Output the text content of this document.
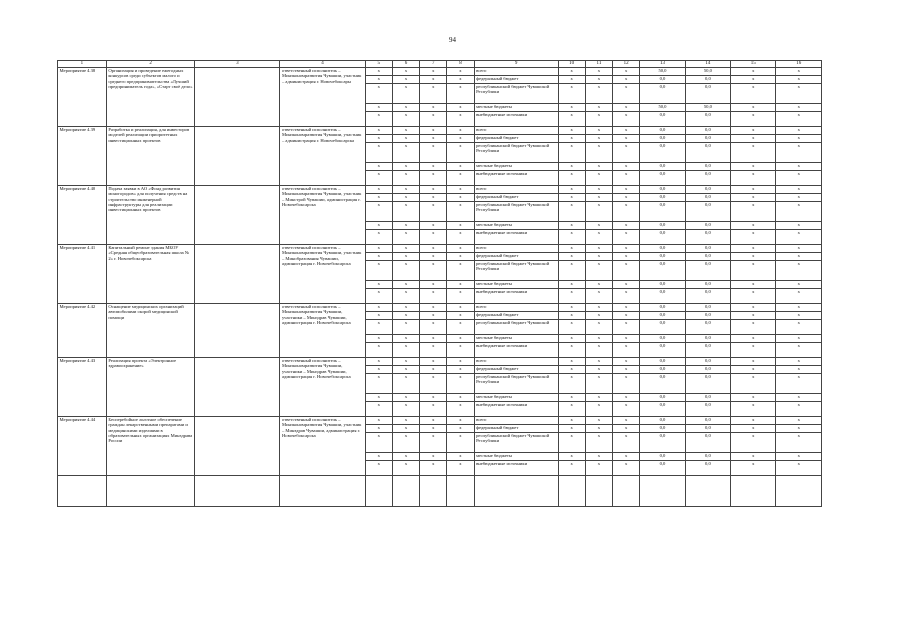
94
1	2	3	4	5	6	7	8	9	10	11	12	13	14	15	16
Мероприятие 4.38	Организация и проведение ежегодных конкурсов среди субъектов малого и среднего предпринимательства «Лучший предприниматель года», «Старт своё дело»		ответственный исполнитель – Минэкономразвития Чувашии, участник – администрация г. Новочебоксары	x	x	x	x	всего	x	x	x	50,0	50,0	x	x
				x	x	x	x	федеральный бюджет	x	x	x	0,0	0,0	x	x
				x	x	x	x	республиканский бюджет Чувашской Республики	x	x	x	0,0	0,0	x	x
				x	x	x	x	местные бюджеты	x	x	x	50,0	50,0	x	x
				x	x	x	x	внебюджетные источники	x	x	x	0,0	0,0	x	x
Мероприятие 4.39	Разработка и реализация, для инвесторов моделей реализации приоритетных инвестиционных проектов		ответственный исполнитель – Минэкономразвития Чувашии, участник – администрация г. Новочебоксарска	x	x	x	x	всего	x	x	x	0,0	0,0	x	x
				x	x	x	x	федеральный бюджет	x	x	x	0,0	0,0	x	x
				x	x	x	x	республиканский бюджет Чувашской Республики	x	x	x	0,0	0,0	x	x
				x	x	x	x	местные бюджеты	x	x	x	0,0	0,0	x	x
				x	x	x	x	внебюджетные источники	x	x	x	0,0	0,0	x	x
Мероприятие 4.40	Подача заявки в АО «Фонд развития моногородов» для получения средств на строительство инженерной инфраструктуры для реализации инвестиционных проектов		ответственный исполнитель – Минэкономразвития Чувашии, участник – Минстрой Чувашии, администрация г. Новочебоксарска	x	x	x	x	всего	x	x	x	0,0	0,0	x	x
				x	x	x	x	федеральный бюджет	x	x	x	0,0	0,0	x	x
				x	x	x	x	республиканский бюджет Чувашской Республики	x	x	x	0,0	0,0	x	x
				x	x	x	x	местные бюджеты	x	x	x	0,0	0,0	x	x
				x	x	x	x	внебюджетные источники	x	x	x	0,0	0,0	x	x
Мероприятие 4.41	Капитальный ремонт здания МБОУ «Средняя общеобразовательная школа № 2» г. Новочебоксарска		ответственный исполнитель – Минэкономразвития Чувашии, участник – Минобразования Чувашии, администрация г. Новочебоксарска	x	x	x	x	всего	x	x	x	0,0	0,0	x	x
				x	x	x	x	федеральный бюджет	x	x	x	0,0	0,0	x	x
				x	x	x	x	республиканский бюджет Чувашской Республики	x	x	x	0,0	0,0	x	x
				x	x	x	x	местные бюджеты	x	x	x	0,0	0,0	x	x
				x	x	x	x	внебюджетные источники	x	x	x	0,0	0,0	x	x
Мероприятие 4.42	Оснащение медицинских организаций автомобилями скорой медицинской помощи		ответственный исполнитель – Минэкономразвития Чувашии, участники – Минздрав Чувашии, администрация г. Новочебоксарска	x	x	x	x	всего	x	x	x	0,0	0,0	x	x
				x	x	x	x	федеральный бюджет	x	x	x	0,0	0,0	x	x
				x	x	x	x	республиканский бюджет Чувашской	x	x	x	0,0	0,0	x	x
				x	x	x	x	местные бюджеты	x	x	x	0,0	0,0	x	x
				x	x	x	x	внебюджетные источники	x	x	x	0,0	0,0	x	x
Мероприятие 4.43	Реализация проекта «Электронное здравоохранение»		ответственный исполнитель – Минэкономразвития Чувашии, участники – Минздрав Чувашии, администрация г. Новочебоксарска	x	x	x	x	всего	x	x	x	0,0	0,0	x	x
				x	x	x	x	федеральный бюджет	x	x	x	0,0	0,0	x	x
				x	x	x	x	республиканский бюджет Чувашской Республики	x	x	x	0,0	0,0	x	x
				x	x	x	x	местные бюджеты	x	x	x	0,0	0,0	x	x
				x	x	x	x	внебюджетные источники	x	x	x	0,0	0,0	x	x
Мероприятие 4.44	Бесперебойное льготное обеспечение граждан лекарственными препаратами и медицинскими изделиями в образовательных организациях Минздрава России		ответственный исполнитель – Минэкономразвития Чувашии, участник – Минздрав Чувашии, администрация г. Новочебоксарска	x	x	x	x	всего	x	x	x	0,0	0,0	x	x
				x	x	x	x	федеральный бюджет	x	x	x	0,0	0,0	x	x
				x	x	x	x	республиканский бюджет Чувашской Республики	x	x	x	0,0	0,0	x	x
				x	x	x	x	местные бюджеты	x	x	x	0,0	0,0	x	x
				x	x	x	x	внебюджетные источники	x	x	x	0,0	0,0	x	x
